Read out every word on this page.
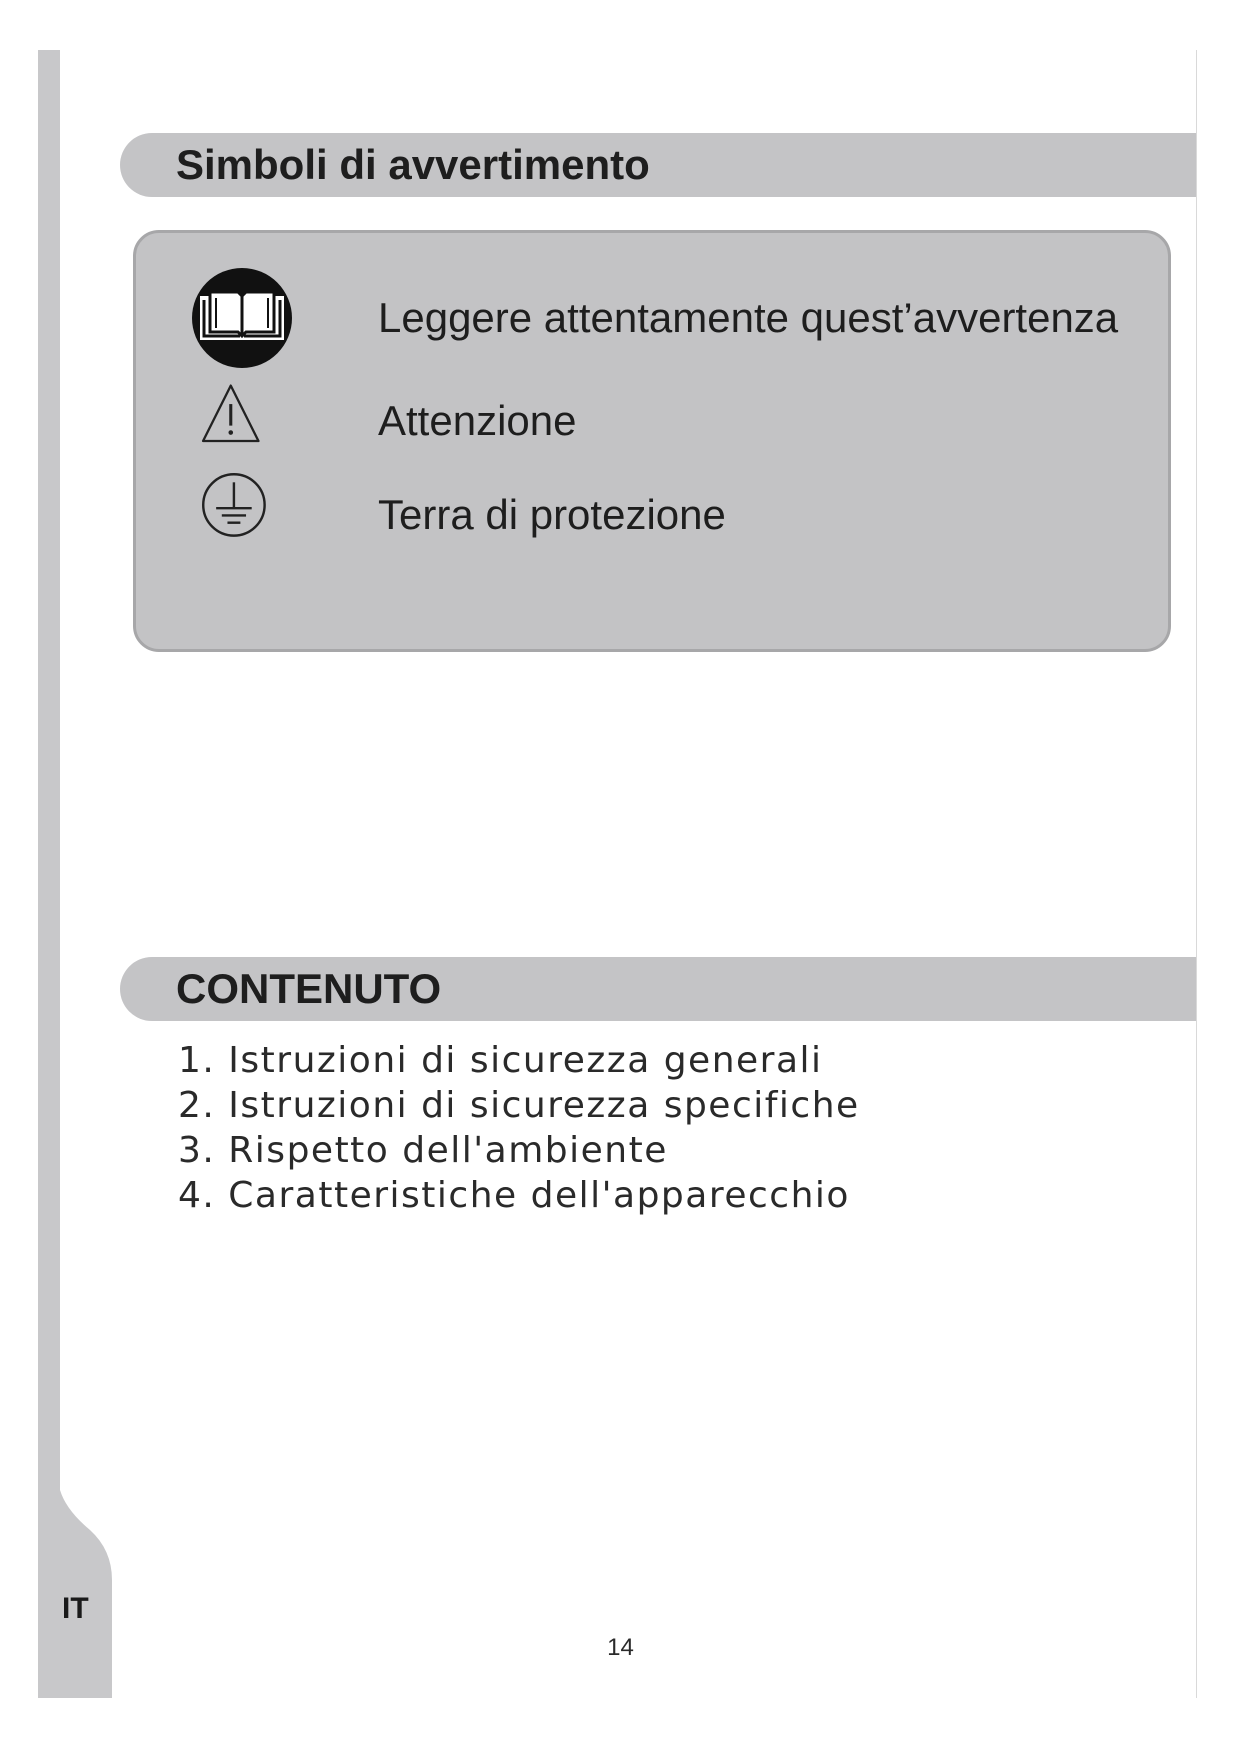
IT
Simboli di avvertimento
Leggere attentamente quest’avvertenza
Attenzione
Terra di protezione
CONTENUTO
1. Istruzioni di sicurezza generali
2. Istruzioni di sicurezza specifiche
3. Rispetto dell'ambiente
4. Caratteristiche dell'apparecchio
14
